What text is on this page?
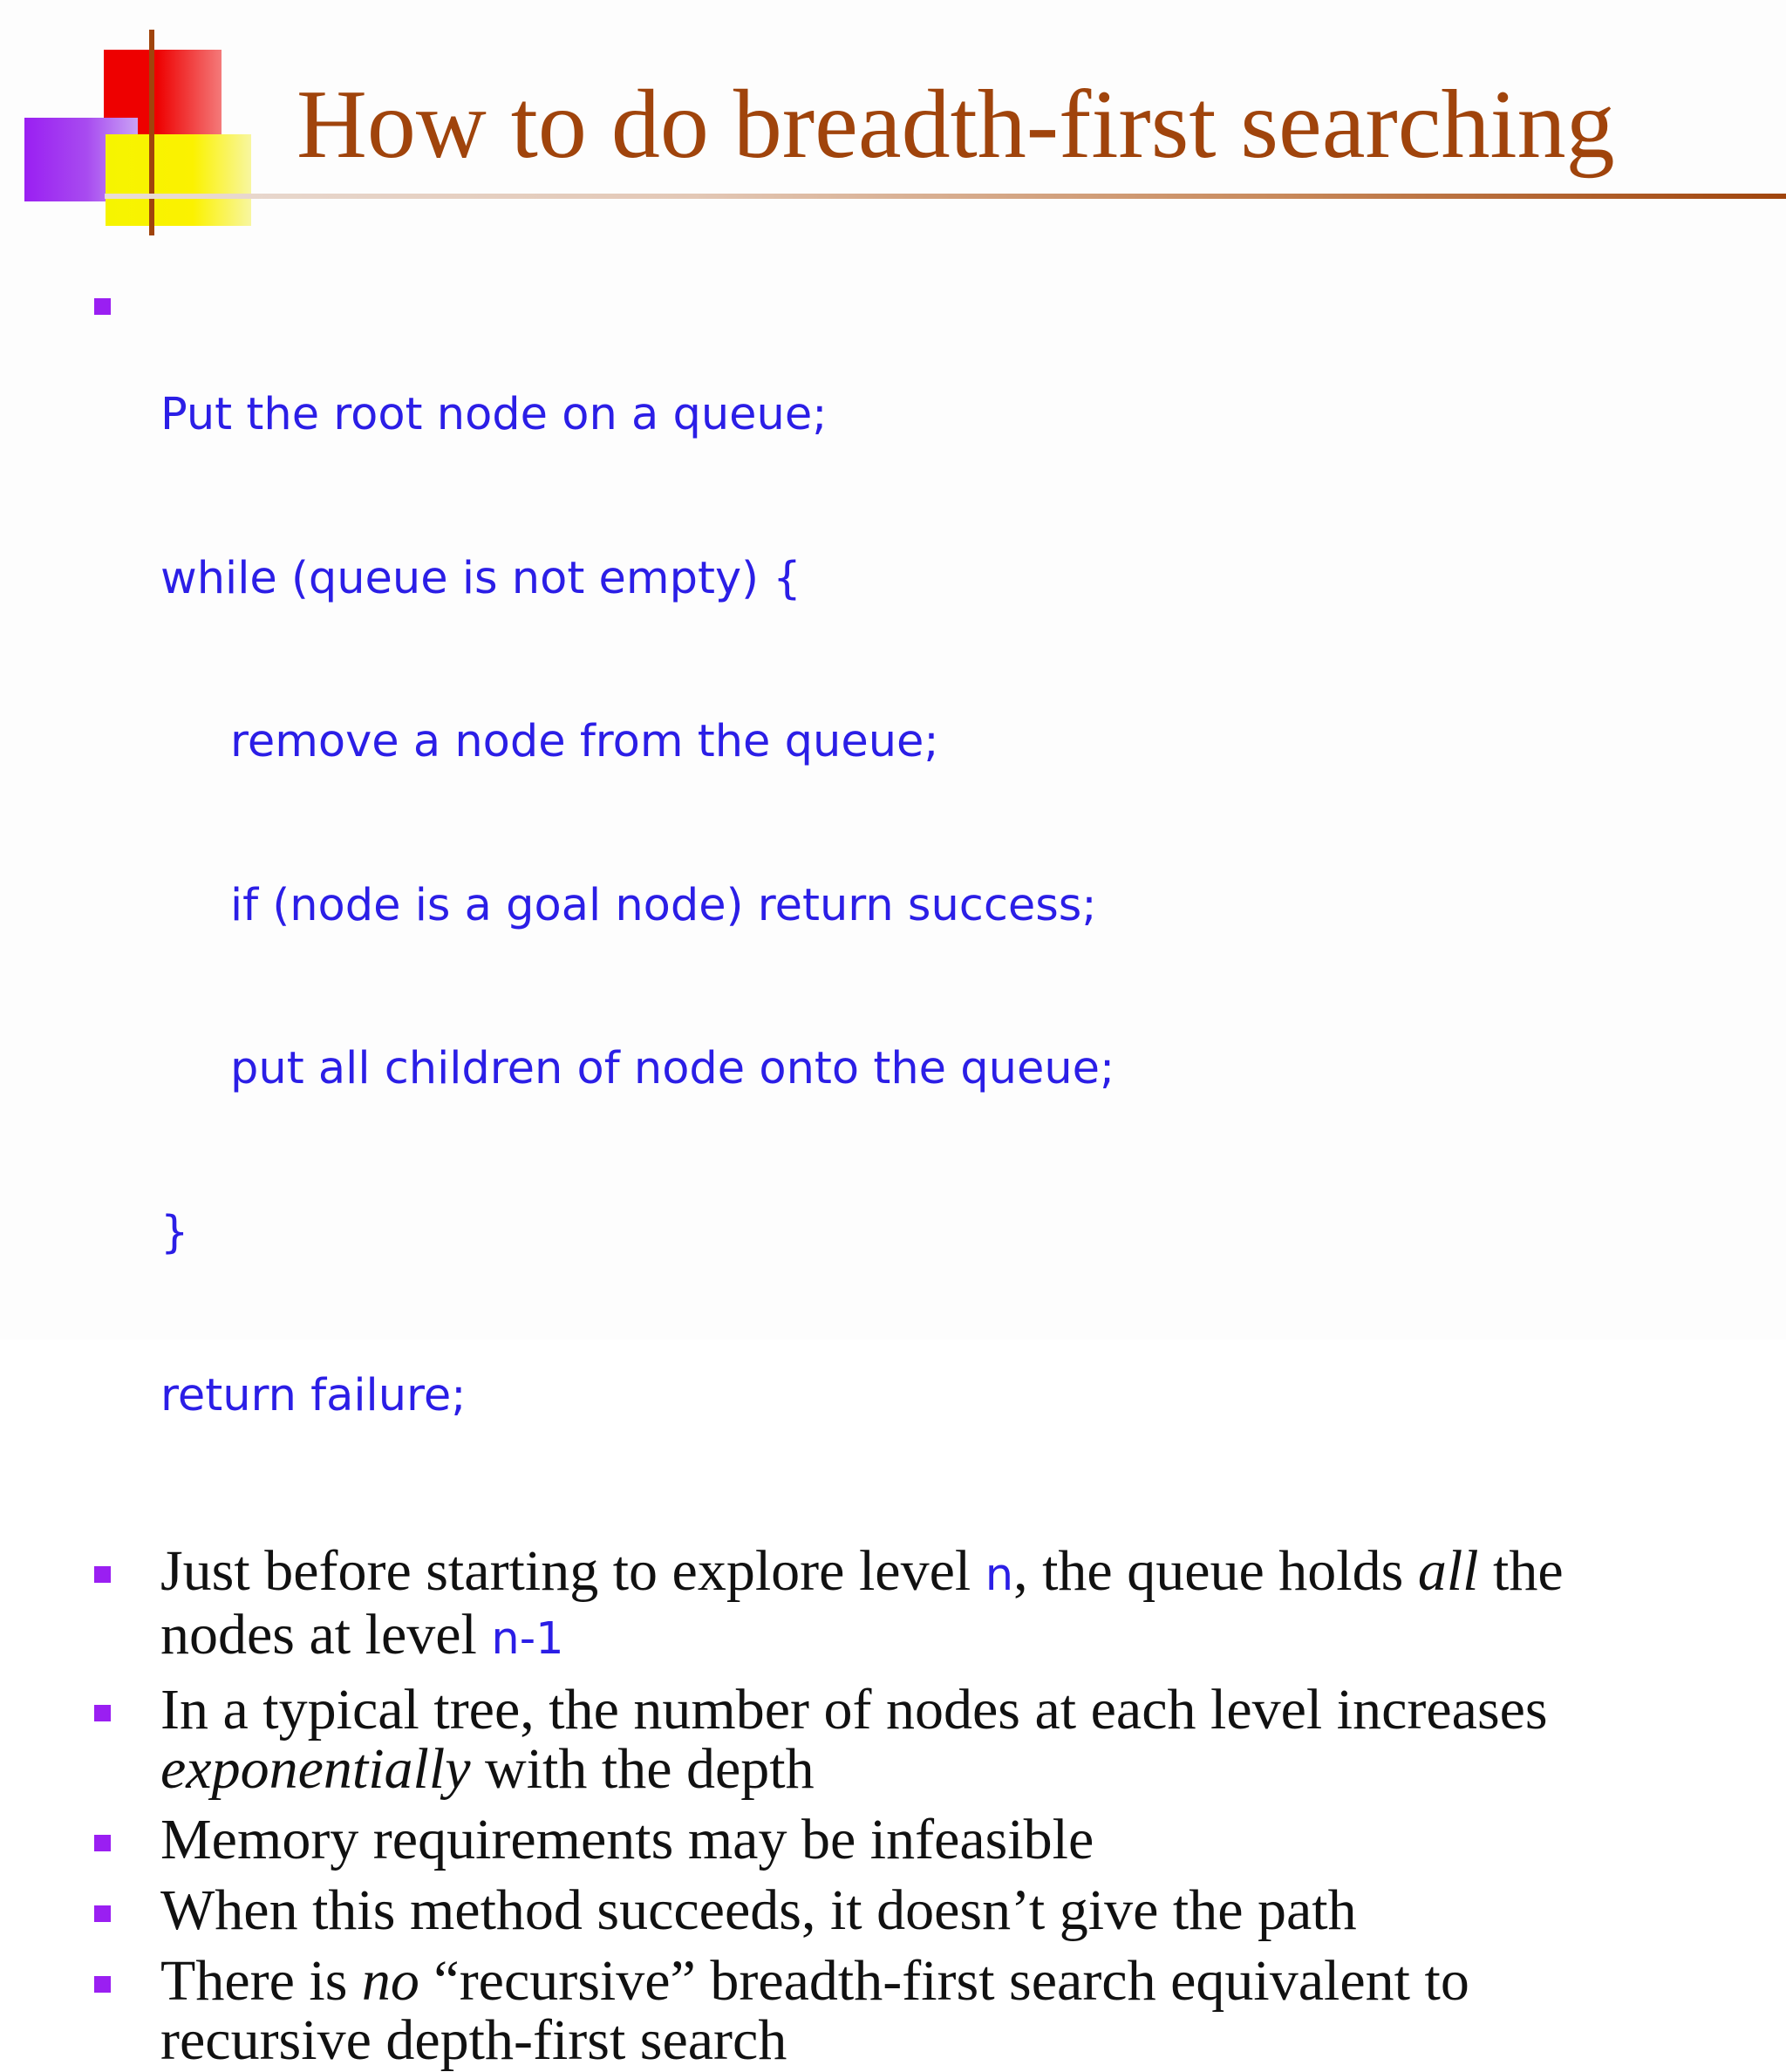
How to do breadth-first searching

Put the root node on a queue;

while (queue is not empty) {

remove a node from the queue;

if (node is a goal node) return success;

put all children of node onto the queue;

}

return failure;

Just before starting to explore level n, the queue holds all the nodes at level n-1
In a typical tree, the number of nodes at each level increases exponentially with the depth
Memory requirements may be infeasible
When this method succeeds, it doesn’t give the path
There is no “recursive” breadth-first search equivalent to recursive depth-first search
